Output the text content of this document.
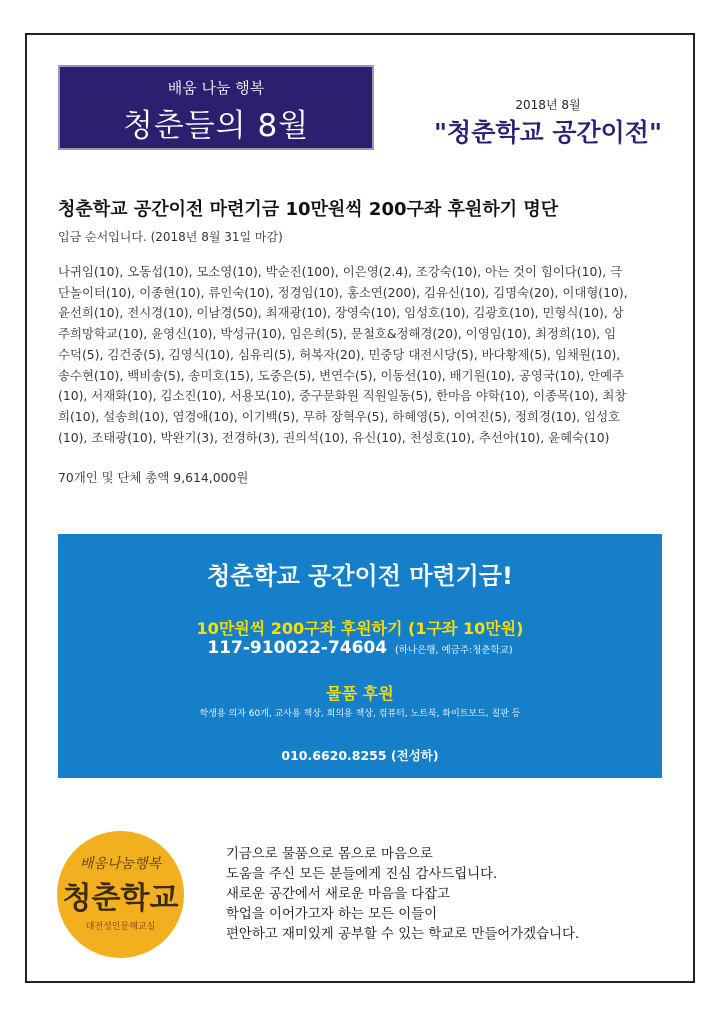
배움 나눔 행복
청춘들의 8월
2018년 8월
"청춘학교 공간이전"
청춘학교 공간이전 마련기금 10만원씩 200구좌 후원하기 명단
입금 순서입니다. (2018년 8월 31일 마감)
나귀임(10), 오동섭(10), 모소영(10), 박순진(100), 이은영(2.4), 조강숙(10), 아는 것이 힘이다(10), 극
단놀이터(10), 이종현(10), 류인숙(10), 정경임(10), 홍소연(200), 김유신(10), 김명숙(20), 이대형(10),
윤선희(10), 전시경(10), 이남경(50), 최재광(10), 장영숙(10), 임성호(10), 김광호(10), 민형식(10), 상
주희망학교(10), 윤영신(10), 박성규(10), 임은희(5), 문철호&정해경(20), 이영임(10), 최정희(10), 임
수덕(5), 김건중(5), 김영식(10), 심유리(5), 허복자(20), 민중당 대전시당(5), 바다황제(5), 임채원(10),
송수현(10), 백비송(5), 송미호(15), 도중은(5), 변연수(5), 이동선(10), 배기원(10), 공영국(10), 안예주
(10), 서재화(10), 김소진(10), 서용모(10), 중구문화원 직원일동(5), 한마음 야학(10), 이종목(10), 최창
희(10), 설송희(10), 염경애(10), 이기백(5), 무하 장혁우(5), 하혜영(5), 이여진(5), 정희경(10), 임성호
(10), 조태광(10), 박완기(3), 전경하(3), 권의석(10), 유신(10), 천성호(10), 추선아(10), 윤혜숙(10)
70개인 및 단체 총액 9,614,000원
청춘학교 공간이전 마련기금!
10만원씩 200구좌 후원하기 (1구좌 10만원)
117-910022-74604 (하나은행, 예금주:청춘학교)
물품 후원
학생용 의자 60개, 교사용 책상, 회의용 책상, 컴퓨터, 노트북, 화이트보드, 칠판 등
010.6620.8255 (전성하)
배움나눔행복
청춘학교
대전성인문해교실
기금으로 물품으로 몸으로 마음으로
도움을 주신 모든 분들에게 진심 감사드립니다.
새로운 공간에서 새로운 마음을 다잡고
학업을 이어가고자 하는 모든 이들이
편안하고 재미있게 공부할 수 있는 학교로 만들어가겠습니다.
